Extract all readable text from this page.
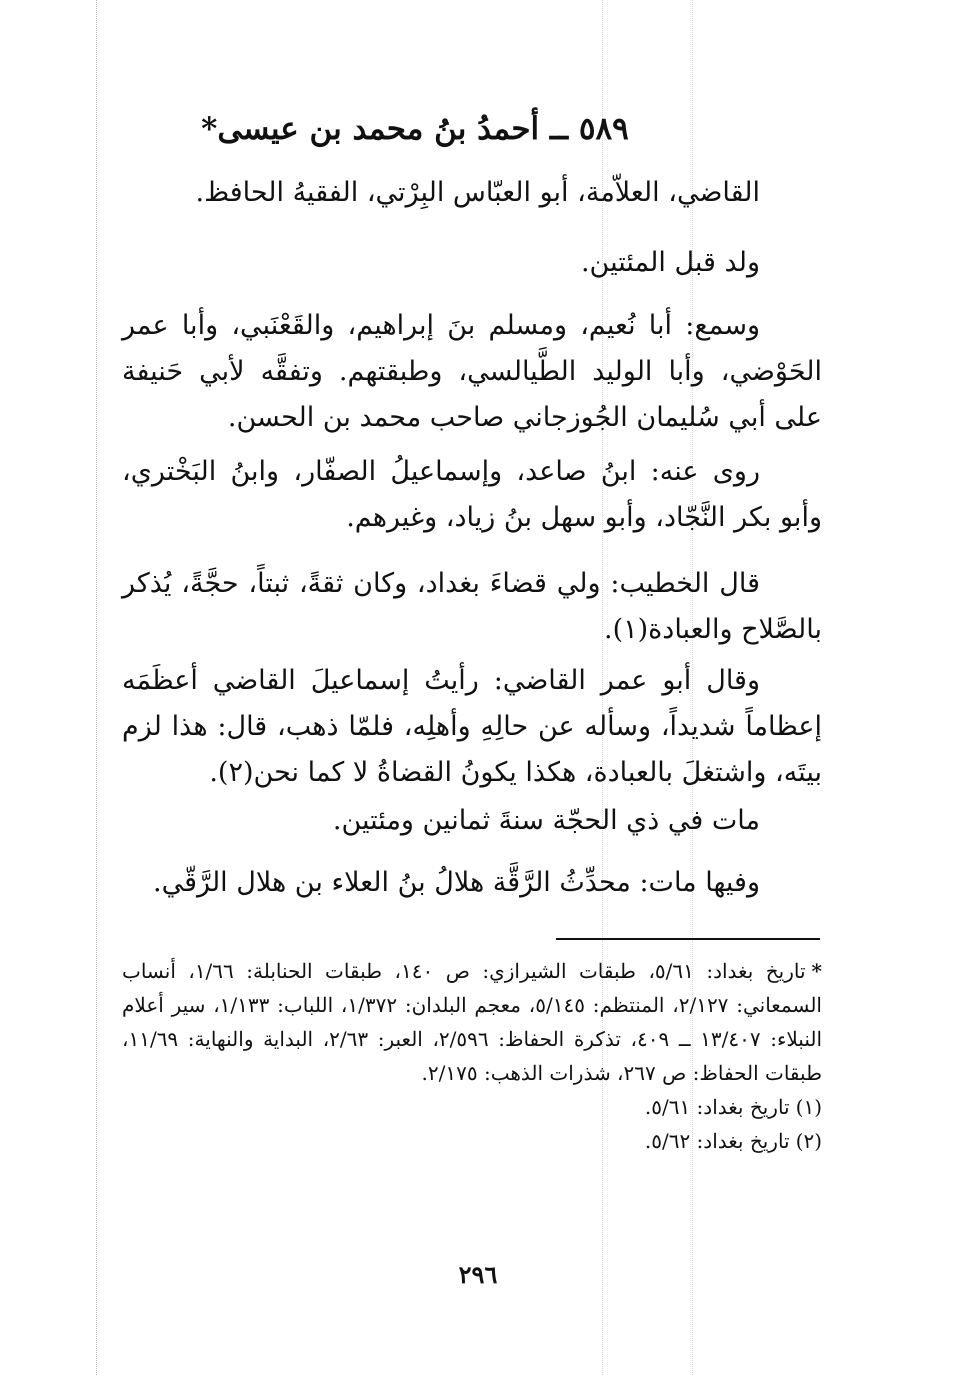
٥٨٩ ــ أحمدُ بنُ محمد بن عيسى*

القاضي، العلاّمة، أبو العبّاس البِرْتي، الفقيهُ الحافظ.

ولد قبل المئتين.

وسمع: أبا نُعيم، ومسلم بنَ إبراهيم، والقَعْنَبي، وأبا عمر الحَوْضي، وأبا الوليد الطَّيالسي، وطبقتهم. وتفقَّه لأبي حَنيفة على أبي سُليمان الجُوزجاني صاحب محمد بن الحسن.

روى عنه: ابنُ صاعد، وإسماعيلُ الصفّار، وابنُ البَخْتري، وأبو بكر النَّجّاد، وأبو سهل بنُ زياد، وغيرهم.

قال الخطيب: ولي قضاءَ بغداد، وكان ثقةً، ثبتاً، حجَّةً، يُذكر بالصَّلاح والعبادة(١).

وقال أبو عمر القاضي: رأيتُ إسماعيلَ القاضي أعظَمَه إعظاماً شديداً، وسأله عن حالِهِ وأهلِه، فلمّا ذهب، قال: هذا لزم بيتَه، واشتغلَ بالعبادة، هكذا يكونُ القضاةُ لا كما نحن(٢).

مات في ذي الحجّة سنةَ ثمانين ومئتين.

وفيها مات: محدِّثُ الرَّقَّة هلالُ بنُ العلاء بن هلال الرَّقّي.

*تاريخ بغداد: ٥/٦١، طبقات الشيرازي: ص ١٤٠، طبقات الحنابلة: ١/٦٦، أنساب السمعاني: ٢/١٢٧، المنتظم: ٥/١٤٥، معجم البلدان: ١/٣٧٢، اللباب: ١/١٣٣، سير أعلام النبلاء: ١٣/٤٠٧ ــ ٤٠٩، تذكرة الحفاظ: ٢/٥٩٦، العبر: ٢/٦٣، البداية والنهاية: ١١/٦٩، طبقات الحفاظ: ص ٢٦٧، شذرات الذهب: ٢/١٧٥.

(١)تاريخ بغداد: ٥/٦١.

(٢)تاريخ بغداد: ٥/٦٢.

٢٩٦
